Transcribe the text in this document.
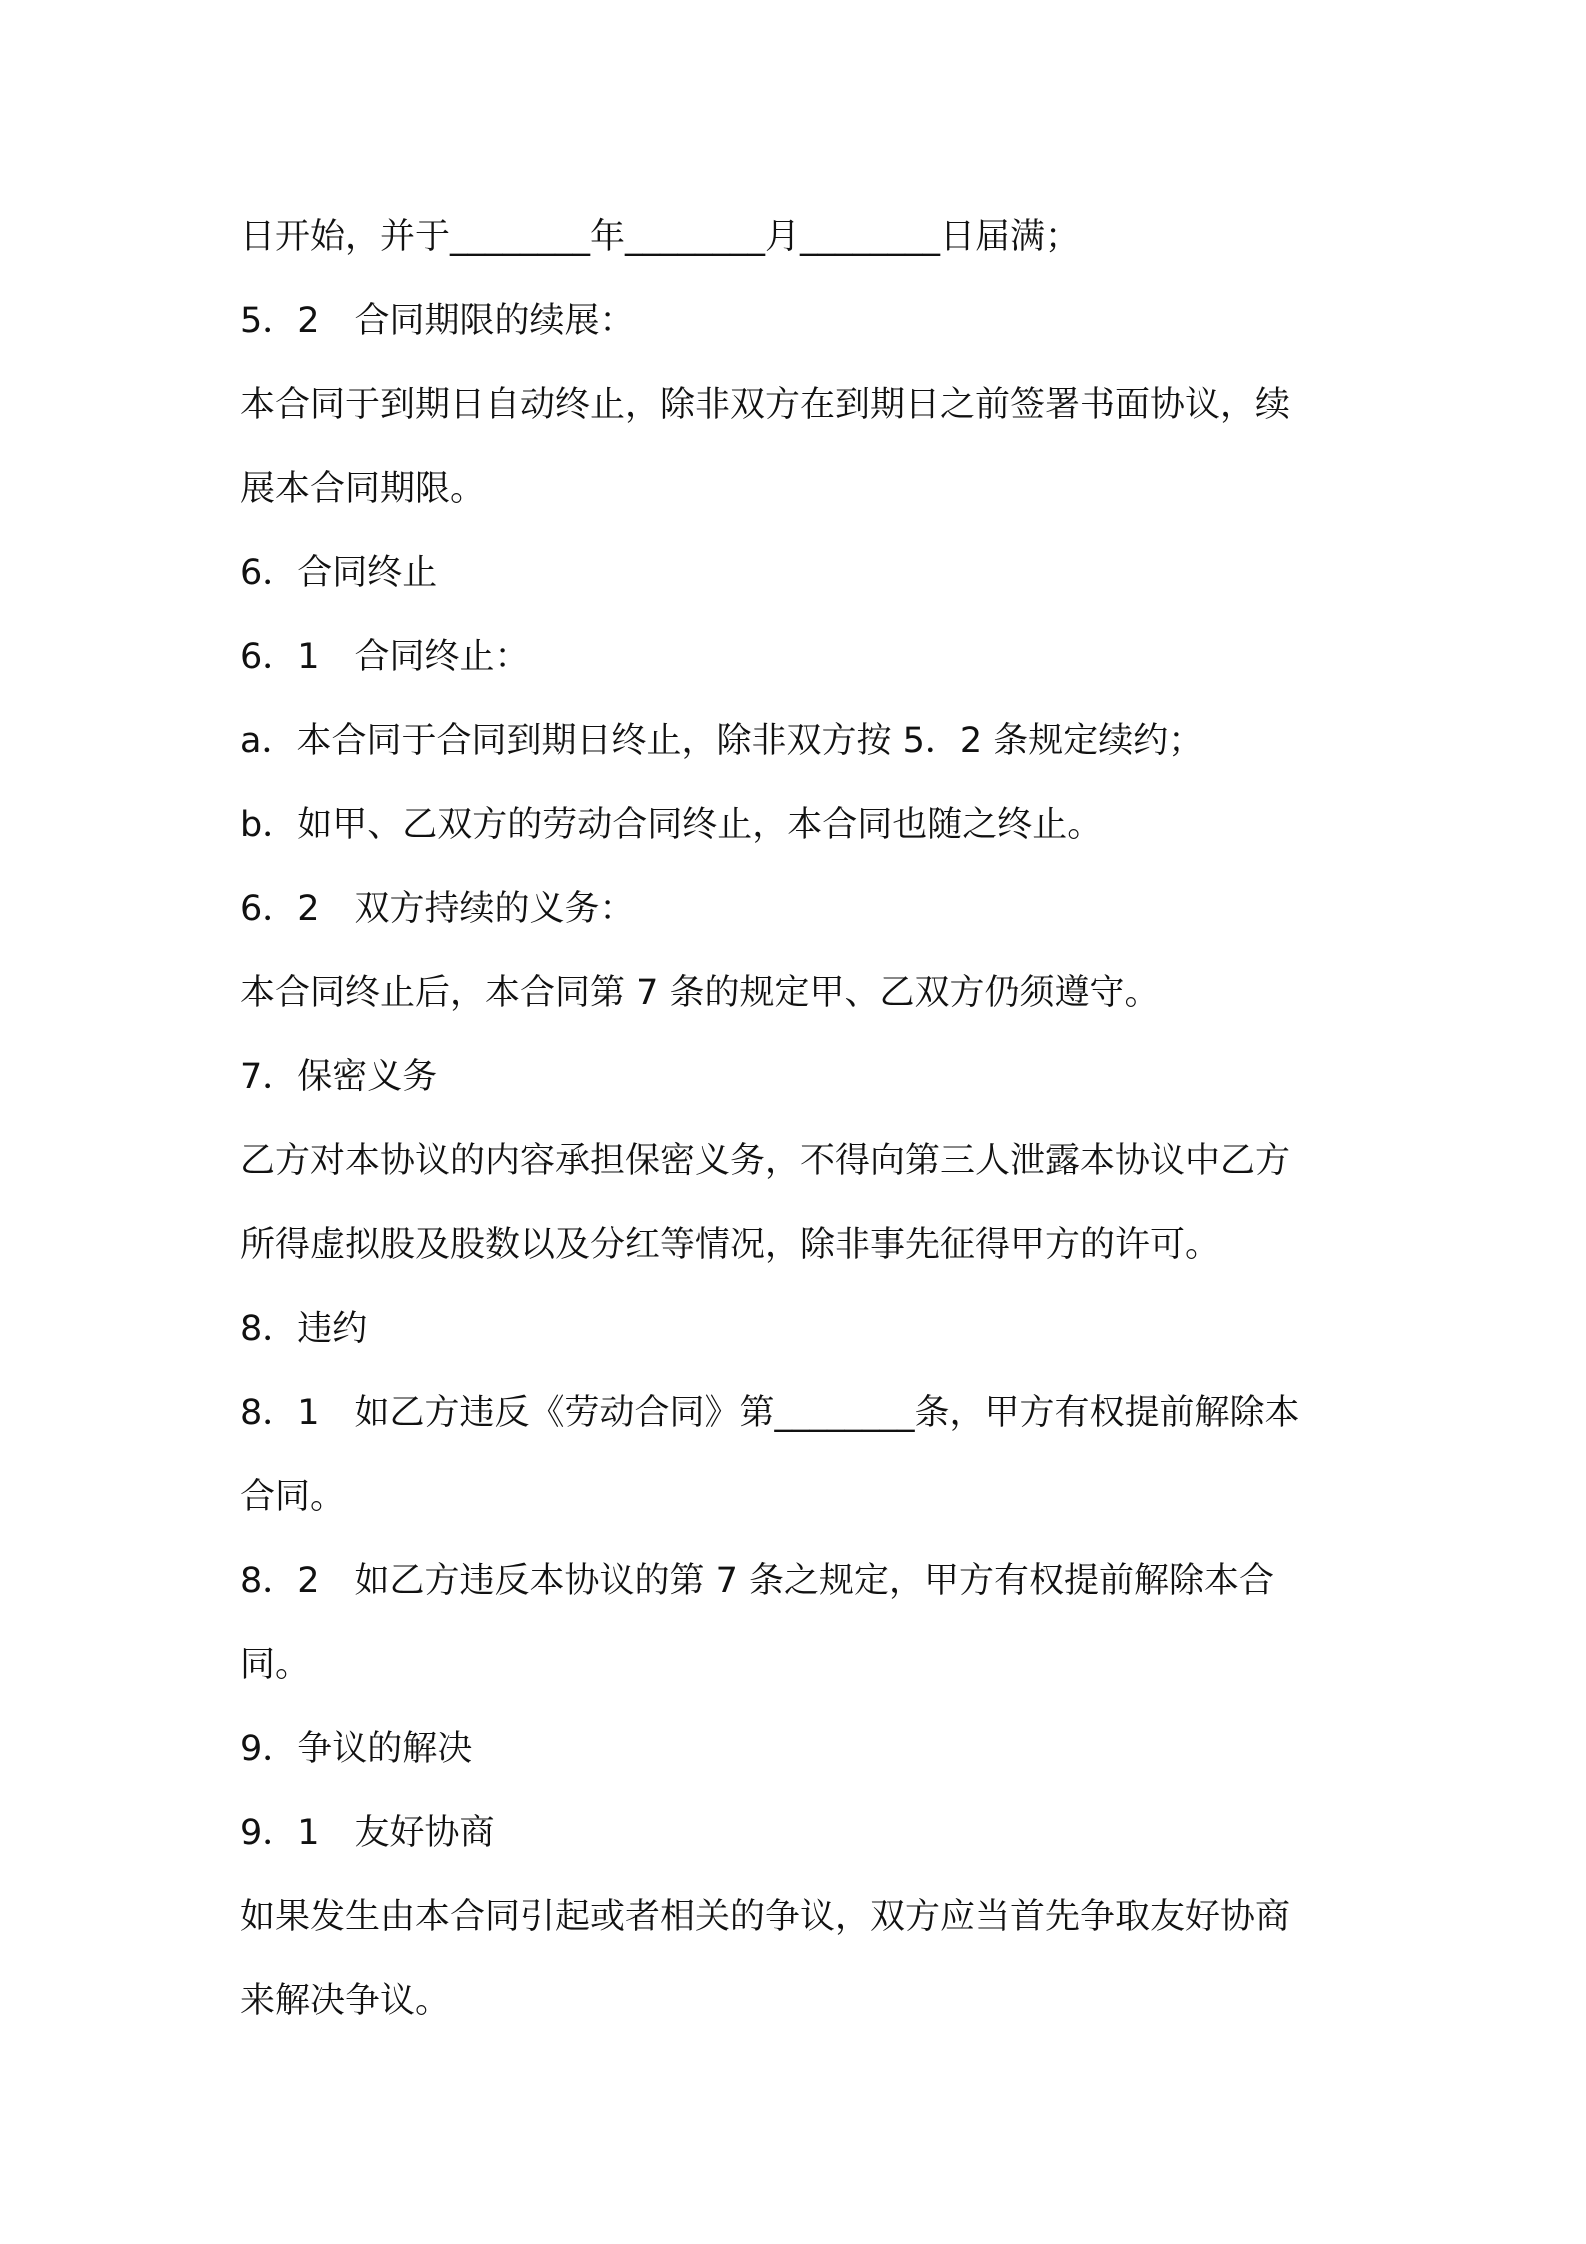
日开始，并于________年________月________日届满；
5．2　合同期限的续展：
本合同于到期日自动终止，除非双方在到期日之前签署书面协议，续
展本合同期限。
6．合同终止
6．1　合同终止：
a．本合同于合同到期日终止，除非双方按 5．2 条规定续约；
b．如甲、乙双方的劳动合同终止，本合同也随之终止。
6．2　双方持续的义务：
本合同终止后，本合同第 7 条的规定甲、乙双方仍须遵守。
7．保密义务
乙方对本协议的内容承担保密义务，不得向第三人泄露本协议中乙方
所得虚拟股及股数以及分红等情况，除非事先征得甲方的许可。
8．违约
8．1　如乙方违反《劳动合同》第________条，甲方有权提前解除本
合同。
8．2　如乙方违反本协议的第 7 条之规定，甲方有权提前解除本合
同。
9．争议的解决
9．1　友好协商
如果发生由本合同引起或者相关的争议，双方应当首先争取友好协商
来解决争议。
